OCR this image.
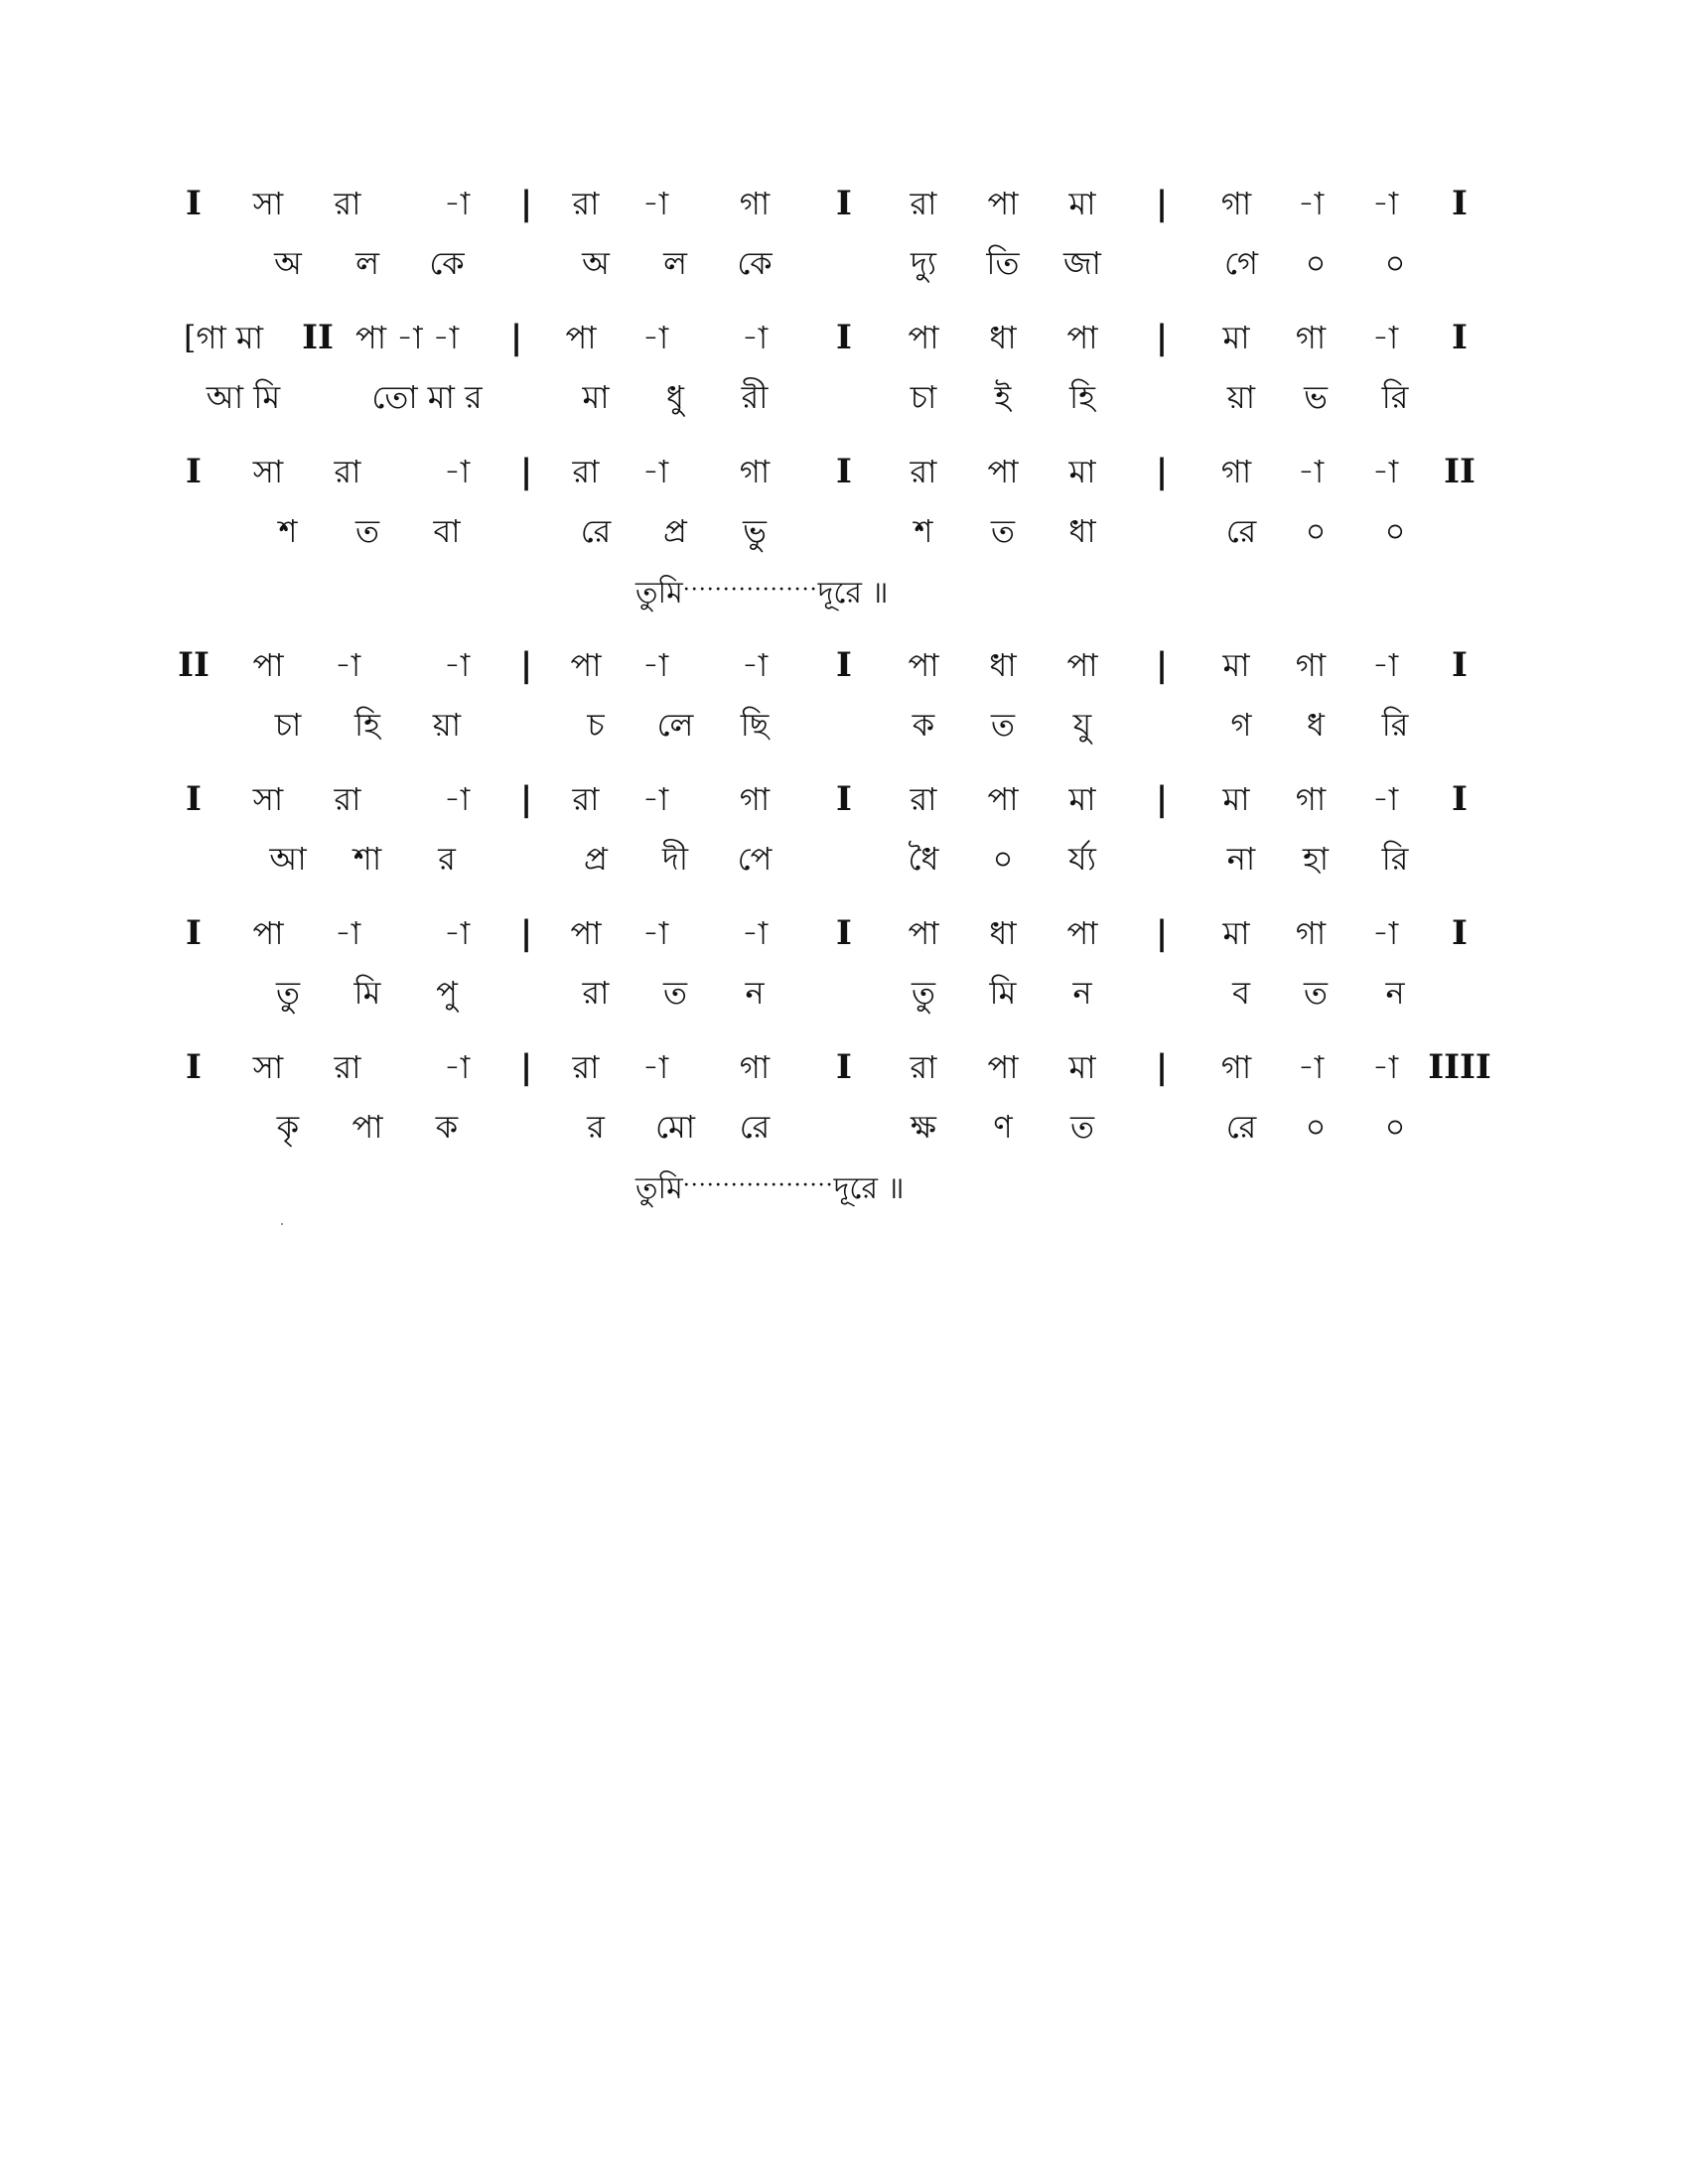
I	সা	রা	-া	|	রা	-া	গা	I	রা	পা	মা	|	গা	-া	-া	I
অ	ল	কে	অ	ল	কে	দ্যু	তি	জা	গে	০	০
[গা মা	II পা -া -া	|	পা	-া	-া	I	পা	ধা	পা	|	মা	গা	-া	I
আ মি	তো মা র	মা	ধু	রী	চা	ই	হি	য়া	ভ	রি
I	সা	রা	-া	|	রা	-া	গা	I	রা	পা	মা	|	গা	-া	-া	II
শ	ত	বা	রে	প্র	ভু	শ	ত	ধা	রে	০	০
তুমি·················দূরে ॥
II	পা	-া	-া	|	পা	-া	-া	I	পা	ধা	পা	|	মা	গা	-া	I
চা	হি	য়া	চ	লে	ছি	ক	ত	যু	গ	ধ	রি
I	সা	রা	-া	|	রা	-া	গা	I	রা	পা	মা	|	মা	গা	-া	I
আ	শা	র	প্র	দী	পে	ধৈ	০	র্য্য	না	হা	রি
I	পা	-া	-া	|	পা	-া	-া	I	পা	ধা	পা	|	মা	গা	-া	I
তু	মি	পু	রা	ত	ন	তু	মি	ন	ব	ত	ন
I	সা	রা	-া	|	রা	-া	গা	I	রা	পা	মা	|	গা	-া	-া IIII
কৃ	পা	ক	র	মো	রে	ক্ষ	ণ	ত	রে	০	০
তুমি···················দূরে ॥
